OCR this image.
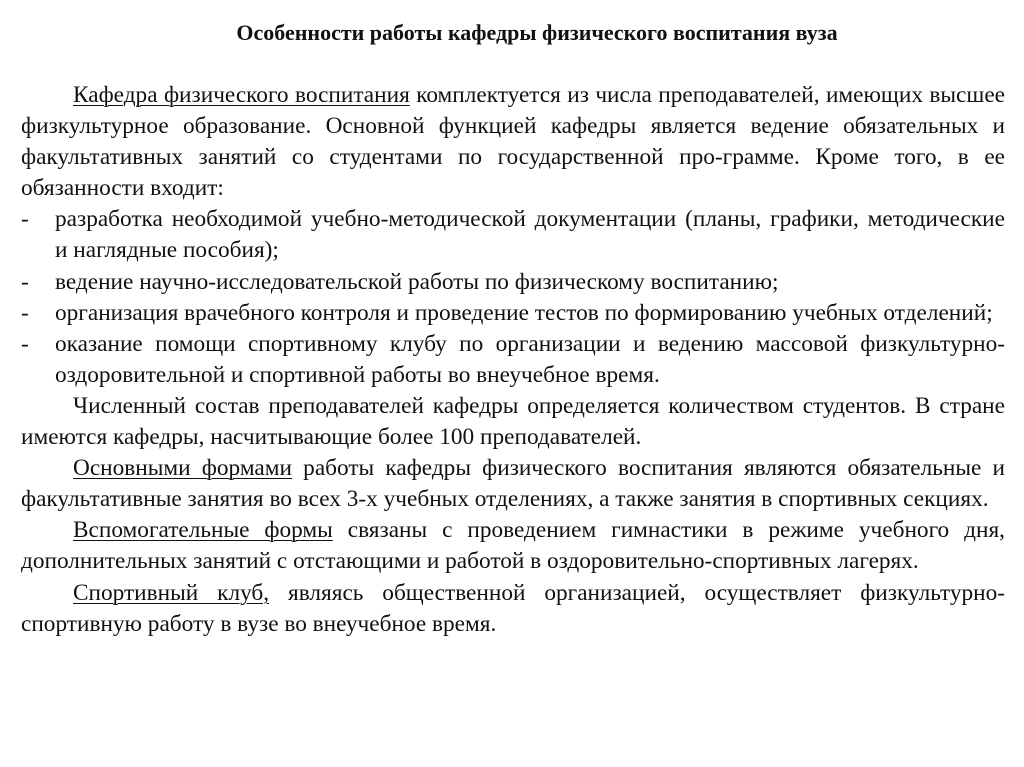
Особенности работы кафедры физического воспитания вуза

Кафедра физического воспитания комплектуется из числа преподавателей, имеющих высшее физкультурное образование. Основной функцией кафедры является ведение обязательных и факультативных занятий со студентами по государственной про-грамме. Кроме того, в ее обязанности входит:

- разработка необходимой учебно-методической документации (планы, графики, методические и наглядные пособия);

- ведение научно-исследовательской работы по физическому воспитанию;

- организация врачебного контроля и проведение тестов по формированию учебных отделений;

- оказание помощи спортивному клубу по организации и ведению массовой физкультурно-оздоровительной и спортивной работы во внеучебное время.

Численный состав преподавателей кафедры определяется количеством студентов. В стране имеются кафедры, насчитывающие более 100 преподавателей.

Основными формами работы кафедры физического воспитания являются обязательные и факультативные занятия во всех 3-х учебных отделениях, а также занятия в спортивных секциях.

Вспомогательные формы связаны с проведением гимнастики в режиме учебного дня, дополнительных занятий с отстающими и работой в оздоровительно-спортивных лагерях.

Спортивный клуб, являясь общественной организацией, осуществляет физкультурно-спортивную работу в вузе во внеучебное время.
